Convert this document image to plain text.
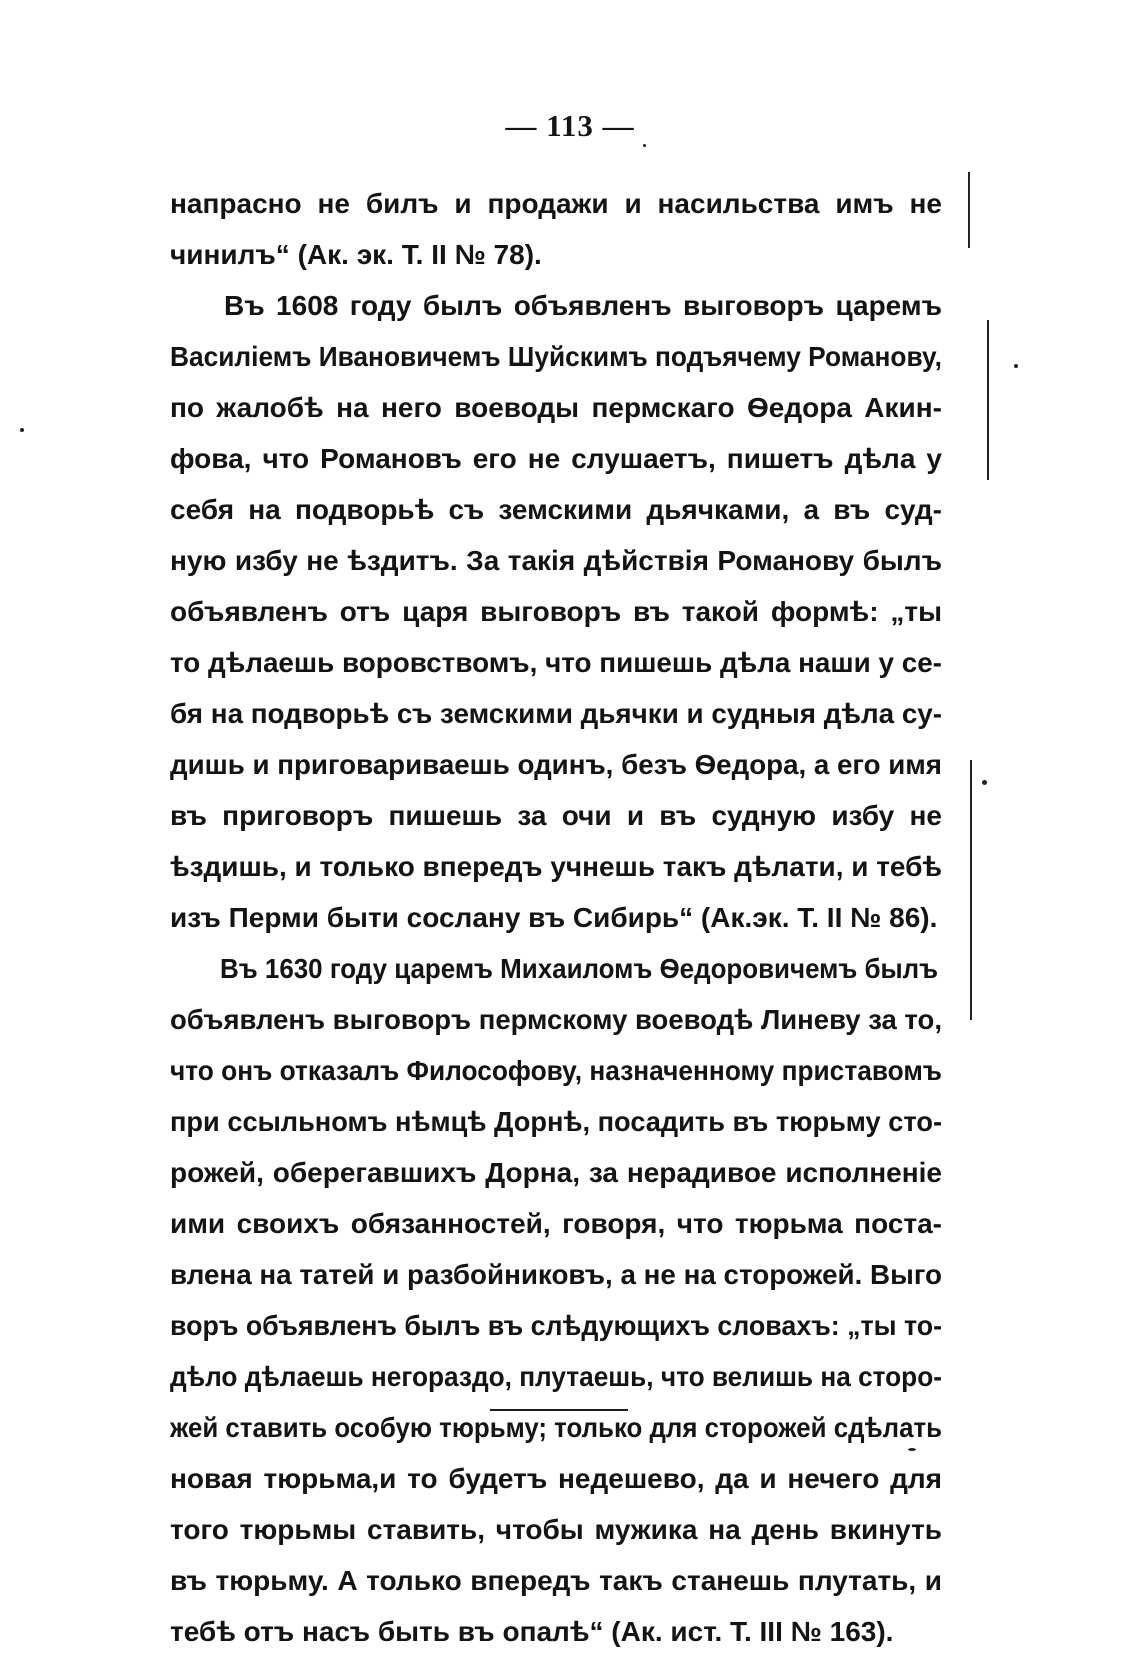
— 113 —
напрасно не билъ и продажи и насильства имъ не
чинилъ“ (Ак. эк. Т. II № 78).
Въ 1608 году былъ объявленъ выговоръ царемъ
Василіемъ Ивановичемъ Шуйскимъ подъячему Романову,
по жалобѣ на него воеводы пермскаго Ѳедора Акин-
фова, что Романовъ его не слушаетъ, пишетъ дѣла у
себя на подворьѣ съ земскими дьячками, а въ суд-
ную избу не ѣздитъ. За такія дѣйствія Романову былъ
объявленъ отъ царя выговоръ въ такой формѣ: „ты
то дѣлаешь воровствомъ, что пишешь дѣла наши у се-
бя на подворьѣ съ земскими дьячки и судныя дѣла су-
дишь и приговариваешь одинъ, безъ Ѳедора, а его имя
въ приговоръ пишешь за очи и въ судную избу не
ѣздишь, и только впередъ учнешь такъ дѣлати, и тебѣ
изъ Перми быти сослану въ Сибирь“ (Ак.эк. Т. II № 86).
Въ 1630 году царемъ Михаиломъ Ѳедоровичемъ былъ
объявленъ выговоръ пермскому воеводѣ Линеву за то,
что онъ отказалъ Философову, назначенному приставомъ
при ссыльномъ нѣмцѣ Дорнѣ, посадить въ тюрьму сто-
рожей, оберегавшихъ Дорна, за нерадивое исполненіе
ими своихъ обязанностей, говоря, что тюрьма поста-
влена на татей и разбойниковъ, а не на сторожей. Выго
воръ объявленъ былъ въ слѣдующихъ словахъ: „ты то-
дѣло дѣлаешь негораздо, плутаешь, что велишь на сторо-
жей ставить особую тюрьму; только для сторожей сдѣлать
новая тюрьма,и то будетъ недешево, да и нечего для
того тюрьмы ставить, чтобы мужика на день вкинуть
въ тюрьму. А только впередъ такъ станешь плутать, и
тебѣ отъ насъ быть въ опалѣ“ (Ак. ист. Т. III № 163).
